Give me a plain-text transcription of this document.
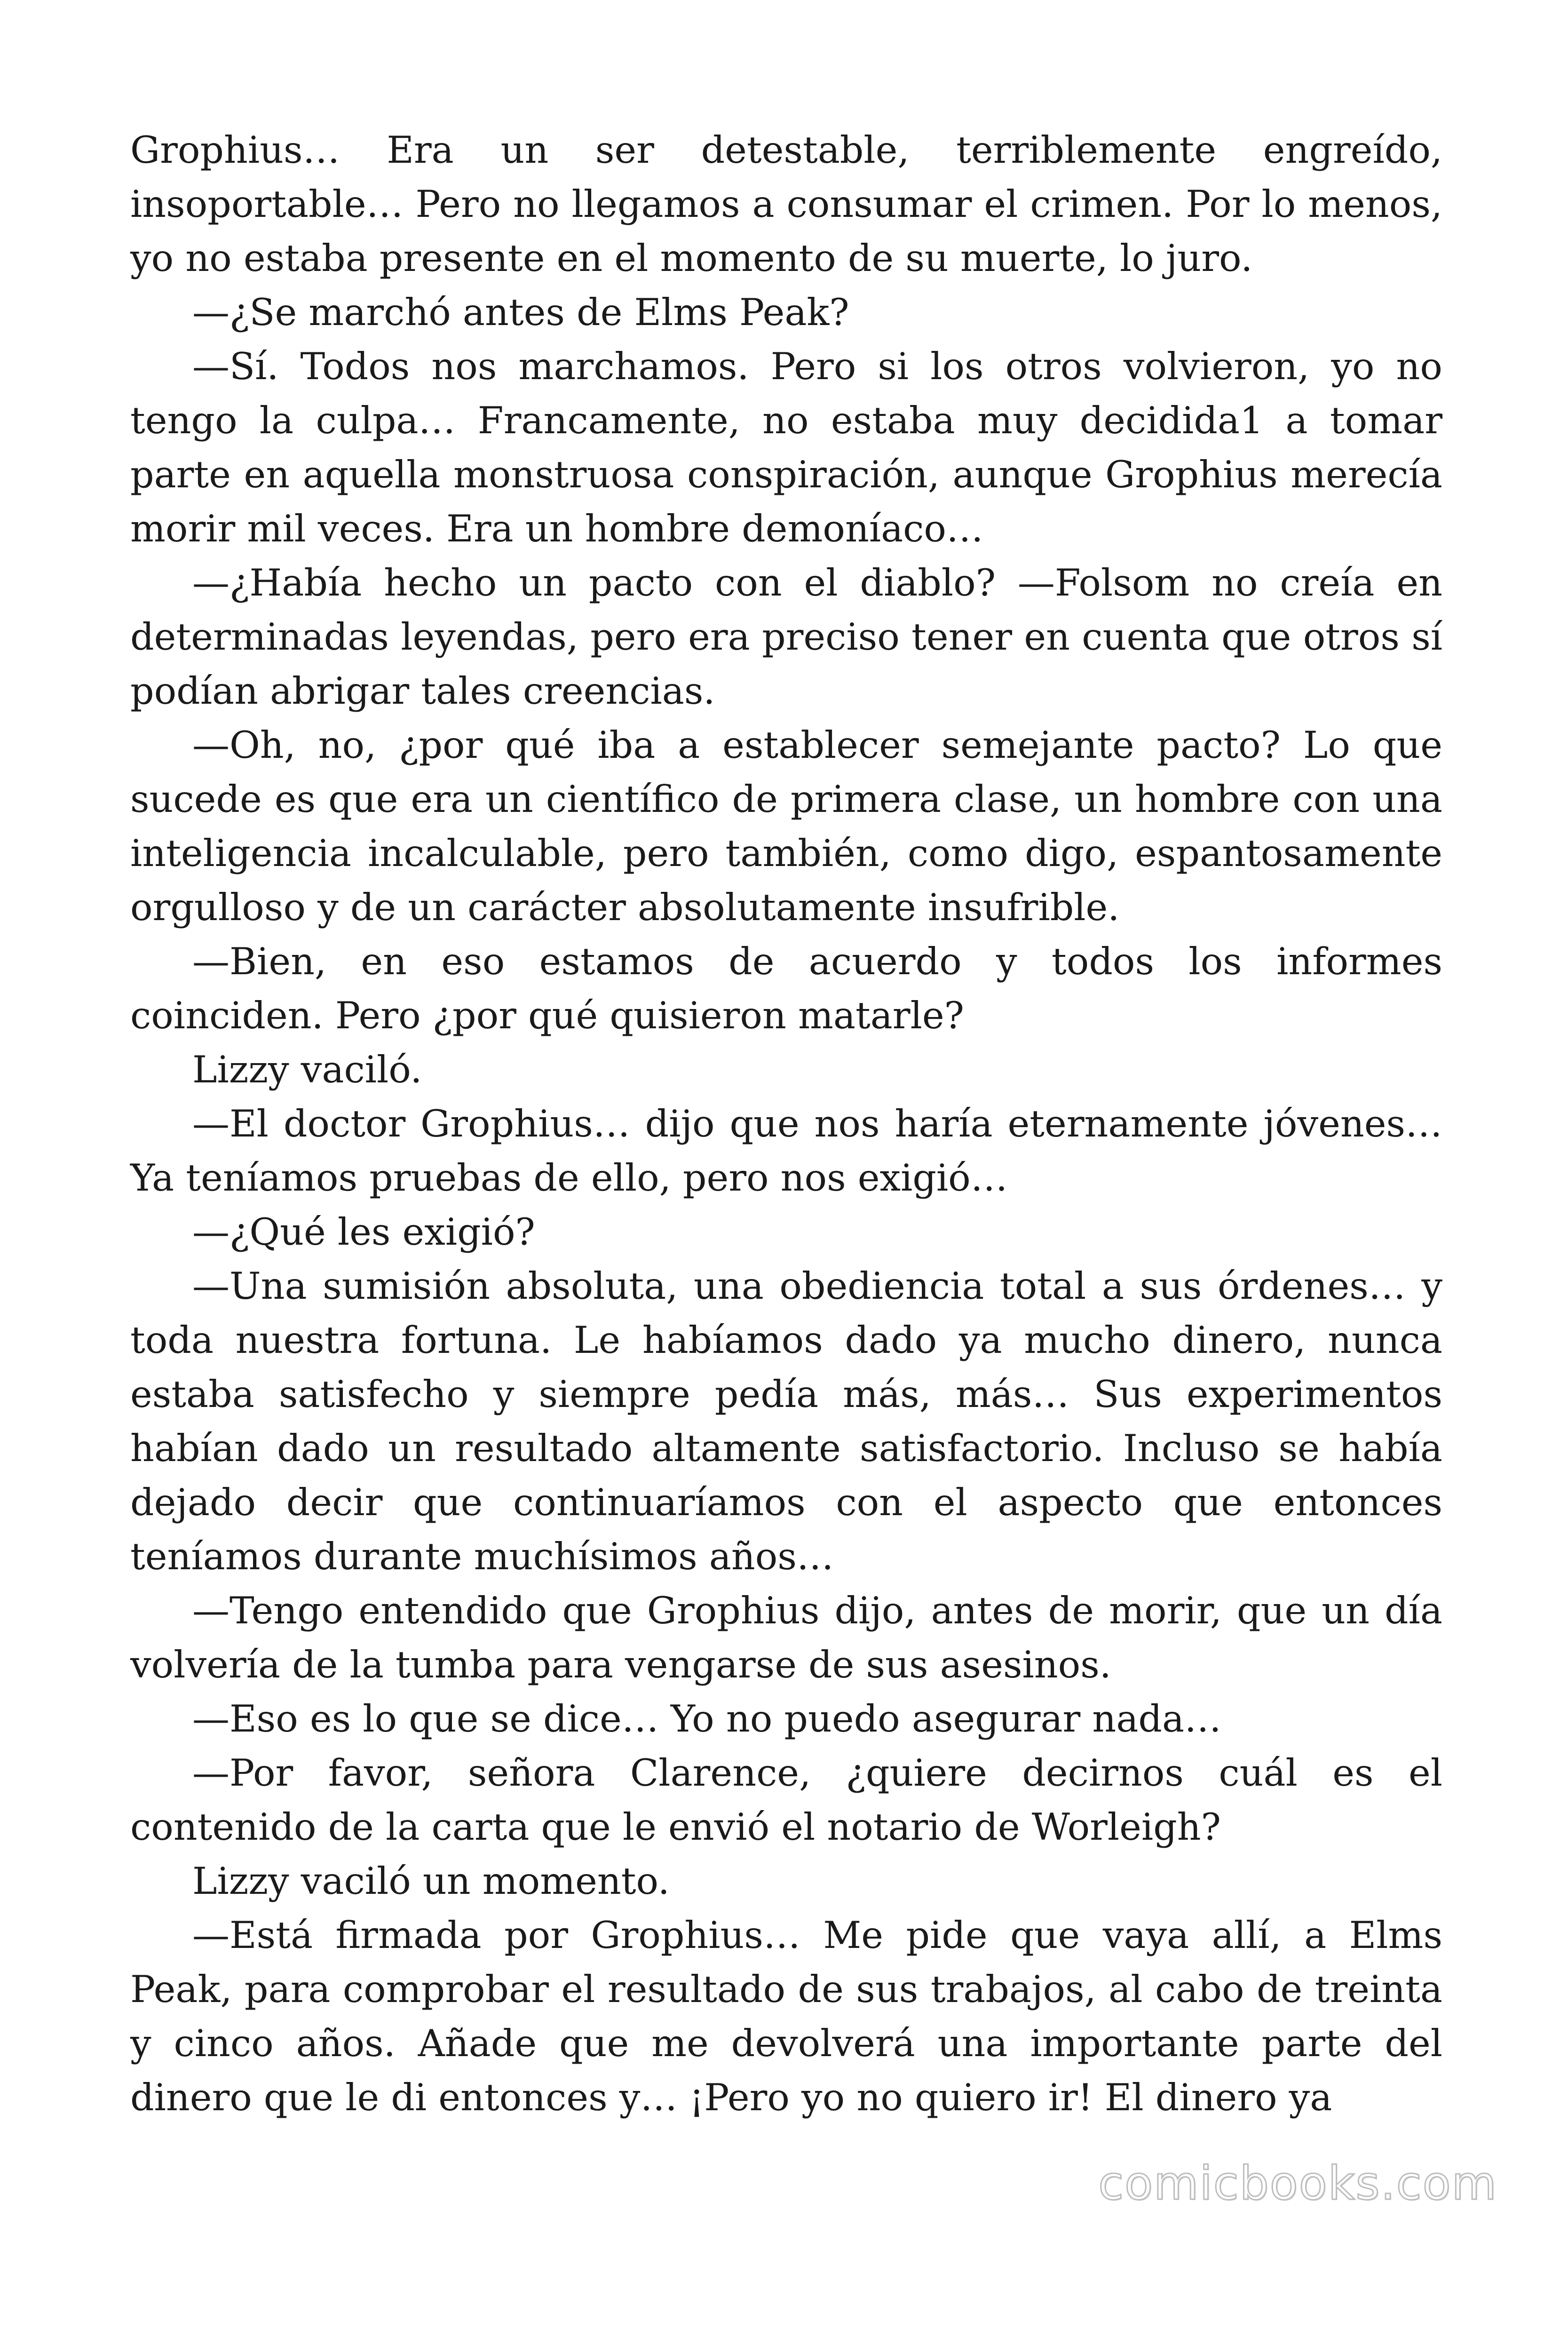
Grophius… Era un ser detestable, terriblemente engreído, insoportable… Pero no llegamos a consumar el crimen. Por lo menos, yo no estaba presente en el momento de su muerte, lo juro.

—¿Se marchó antes de Elms Peak?

—Sí. Todos nos marchamos. Pero si los otros volvieron, yo no tengo la culpa… Francamente, no estaba muy decidida1 a tomar parte en aquella monstruosa conspiración, aunque Grophius merecía morir mil veces. Era un hombre demoníaco…

—¿Había hecho un pacto con el diablo? —Folsom no creía en determinadas leyendas, pero era preciso tener en cuenta que otros sí podían abrigar tales creencias.

—Oh, no, ¿por qué iba a establecer semejante pacto? Lo que sucede es que era un científico de primera clase, un hombre con una inteligencia incalculable, pero también, como digo, espantosamente orgulloso y de un carácter absolutamente insufrible.

—Bien, en eso estamos de acuerdo y todos los informes coinciden. Pero ¿por qué quisieron matarle?

Lizzy vaciló.

—El doctor Grophius… dijo que nos haría eternamente jóvenes… Ya teníamos pruebas de ello, pero nos exigió…

—¿Qué les exigió?

—Una sumisión absoluta, una obediencia total a sus órdenes… y toda nuestra fortuna. Le habíamos dado ya mucho dinero, nunca estaba satisfecho y siempre pedía más, más… Sus experimentos habían dado un resultado altamente satisfactorio. Incluso se había dejado decir que continuaríamos con el aspecto que entonces teníamos durante muchísimos años…

—Tengo entendido que Grophius dijo, antes de morir, que un día volvería de la tumba para vengarse de sus asesinos.

—Eso es lo que se dice… Yo no puedo asegurar nada…

—Por favor, señora Clarence, ¿quiere decirnos cuál es el contenido de la carta que le envió el notario de Worleigh?

Lizzy vaciló un momento.

—Está firmada por Grophius… Me pide que vaya allí, a Elms Peak, para comprobar el resultado de sus trabajos, al cabo de treinta y cinco años. Añade que me devolverá una importante parte del dinero que le di entonces y… ¡Pero yo no quiero ir! El dinero ya

comicbooks.com
